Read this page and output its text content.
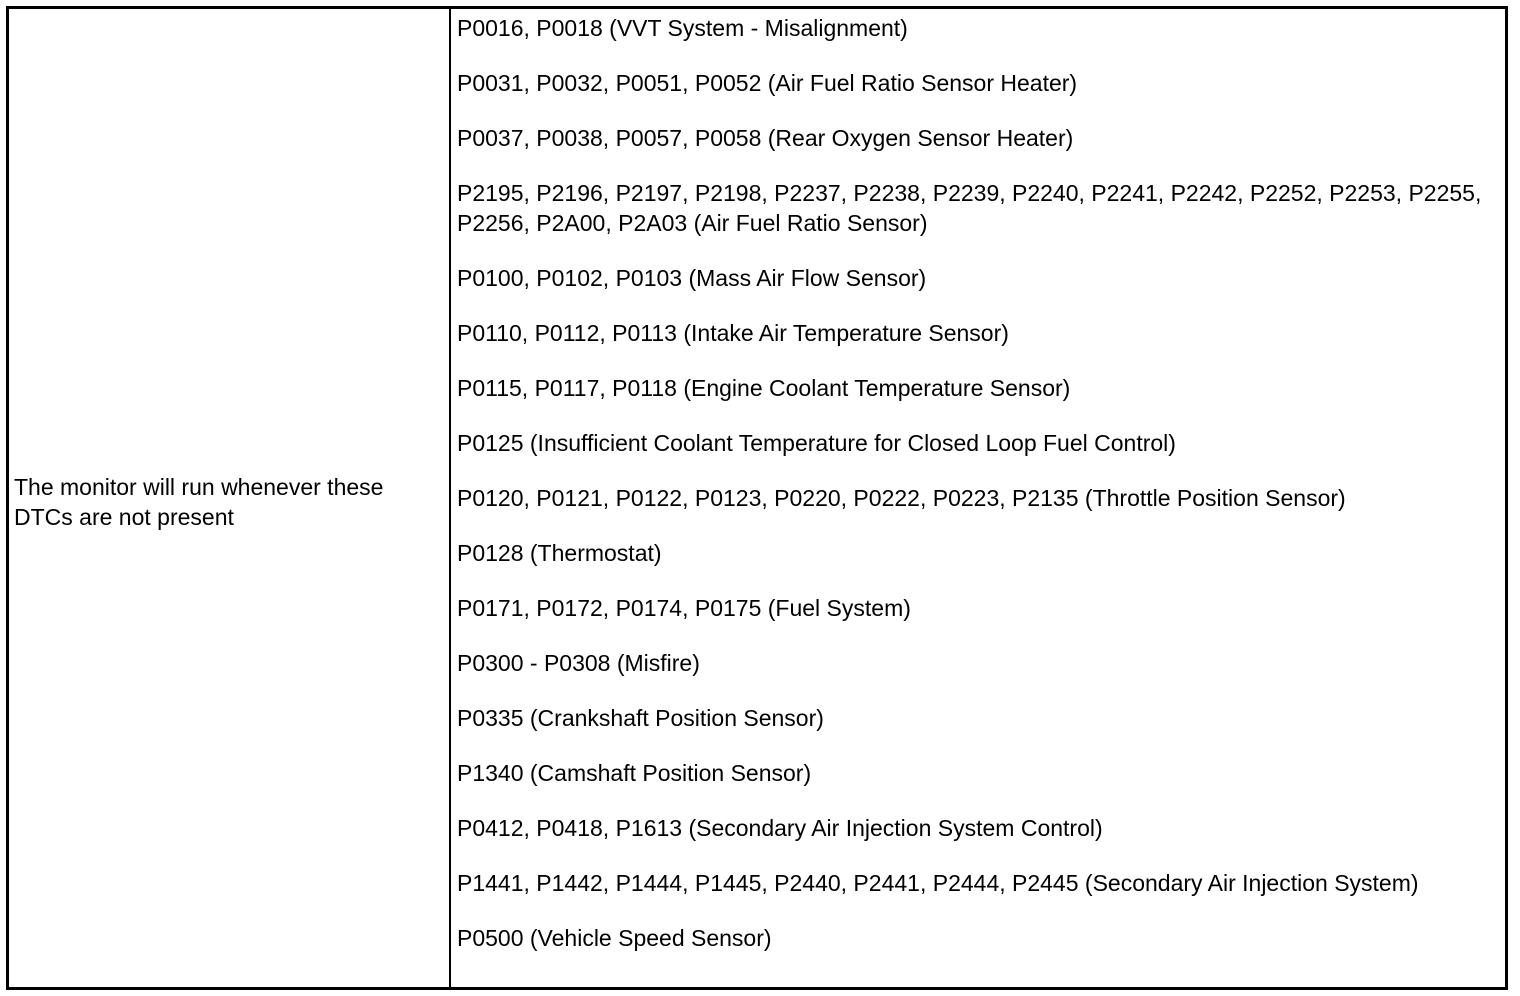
The monitor will run whenever these DTCs are not present

P0016, P0018 (VVT System - Misalignment)

P0031, P0032, P0051, P0052 (Air Fuel Ratio Sensor Heater)

P0037, P0038, P0057, P0058 (Rear Oxygen Sensor Heater)

P2195, P2196, P2197, P2198, P2237, P2238, P2239, P2240, P2241, P2242, P2252, P2253, P2255, P2256, P2A00, P2A03 (Air Fuel Ratio Sensor)

P0100, P0102, P0103 (Mass Air Flow Sensor)

P0110, P0112, P0113 (Intake Air Temperature Sensor)

P0115, P0117, P0118 (Engine Coolant Temperature Sensor)

P0125 (Insufficient Coolant Temperature for Closed Loop Fuel Control)

P0120, P0121, P0122, P0123, P0220, P0222, P0223, P2135 (Throttle Position Sensor)

P0128 (Thermostat)

P0171, P0172, P0174, P0175 (Fuel System)

P0300 - P0308 (Misfire)

P0335 (Crankshaft Position Sensor)

P1340 (Camshaft Position Sensor)

P0412, P0418, P1613 (Secondary Air Injection System Control)

P1441, P1442, P1444, P1445, P2440, P2441, P2444, P2445 (Secondary Air Injection System)

P0500 (Vehicle Speed Sensor)
